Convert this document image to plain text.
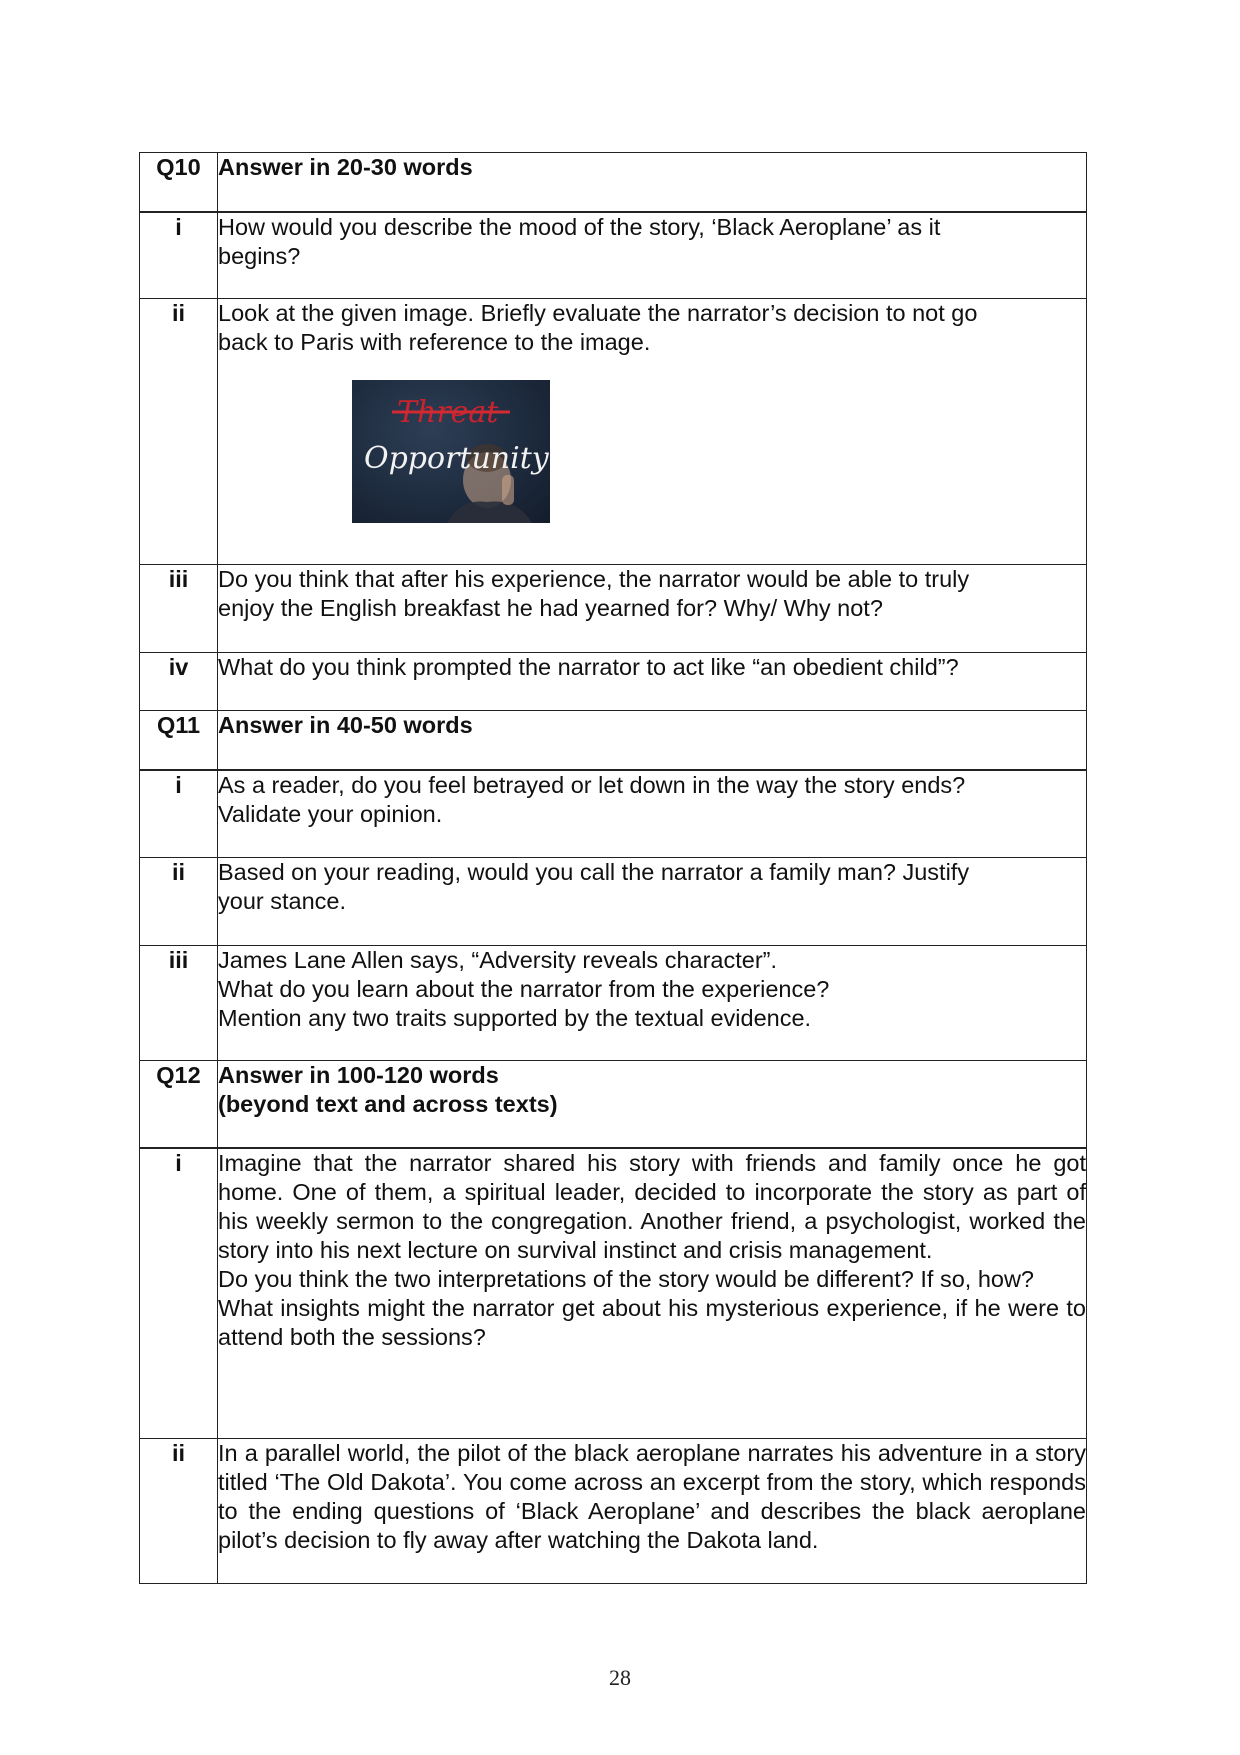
Q10	Answer in 20-30 words
i	How would you describe the mood of the story, ‘Black Aeroplane’ as it
begins?

ii	Look at the given image. Briefly evaluate the narrator’s decision to not go
back to Paris with reference to the image.
Threat
Opportunity

iii	Do you think that after his experience, the narrator would be able to truly
enjoy the English breakfast he had yearned for? Why/ Why not?

iv	What do you think prompted the narrator to act like “an obedient child”?

Q11	Answer in 40-50 words
i	As a reader, do you feel betrayed or let down in the way the story ends?
Validate your opinion.

ii	Based on your reading, would you call the narrator a family man? Justify
your stance.

iii	James Lane Allen says, “Adversity reveals character”.
What do you learn about the narrator from the experience?
Mention any two traits supported by the textual evidence.

Q12	Answer in 100-120 words
(beyond text and across texts)

i	Imagine that the narrator shared his story with friends and family once he got home. One of them, a spiritual leader, decided to incorporate the story as part of his weekly sermon to the congregation. Another friend, a psychologist, worked the story into his next lecture on survival instinct and crisis management.
Do you think the two interpretations of the story would be different? If so, how?
What insights might the narrator get about his mysterious experience, if he were to attend both the sessions?

ii	In a parallel world, the pilot of the black aeroplane narrates his adventure in a story titled ‘The Old Dakota’. You come across an excerpt from the story, which responds to the ending questions of ‘Black Aeroplane’ and describes the black aeroplane pilot’s decision to fly away after watching the Dakota land.
28
